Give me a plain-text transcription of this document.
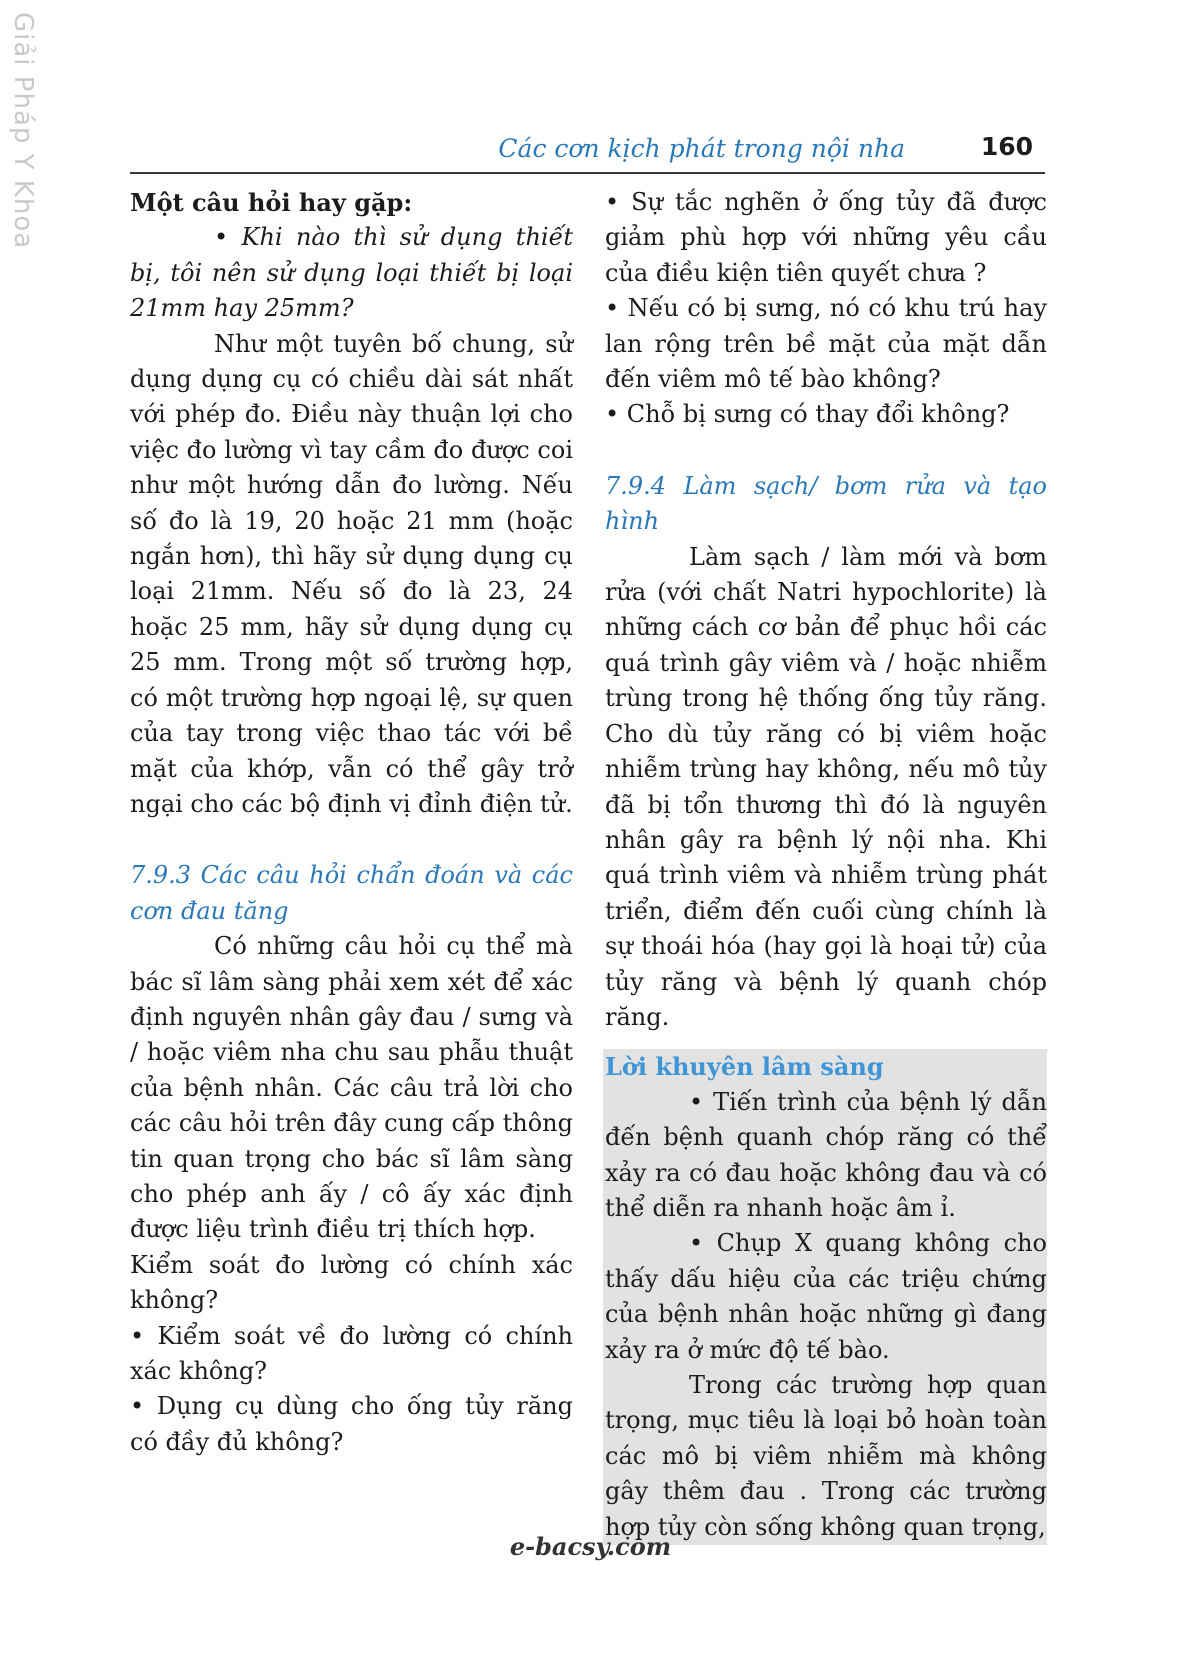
Giải Pháp Y Khoa	Các cơn kịch phát trong nội nha	160

Một câu hỏi hay gặp:

• Khi nào thì sử dụng thiết bị, tôi nên sử dụng loại thiết bị loại 21mm hay 25mm?

Như một tuyên bố chung, sử dụng dụng cụ có chiều dài sát nhất với phép đo. Điều này thuận lợi cho việc đo lường vì tay cầm đo được coi như một hướng dẫn đo lường. Nếu số đo là 19, 20 hoặc 21 mm (hoặc ngắn hơn), thì hãy sử dụng dụng cụ loại 21mm. Nếu số đo là 23, 24 hoặc 25 mm, hãy sử dụng dụng cụ 25 mm. Trong một số trường hợp, có một trường hợp ngoại lệ, sự quen của tay trong việc thao tác với bề mặt của khớp, vẫn có thể gây trở ngại cho các bộ định vị đỉnh điện tử.

7.9.3 Các câu hỏi chẩn đoán và các cơn đau tăng

Có những câu hỏi cụ thể mà bác sĩ lâm sàng phải xem xét để xác định nguyên nhân gây đau / sưng và / hoặc viêm nha chu sau phẫu thuật của bệnh nhân. Các câu trả lời cho các câu hỏi trên đây cung cấp thông tin quan trọng cho bác sĩ lâm sàng cho phép anh ấy / cô ấy xác định được liệu trình điều trị thích hợp.

Kiểm soát đo lường có chính xác không?

• Kiểm soát về đo lường có chính xác không?

• Dụng cụ dùng cho ống tủy răng có đầy đủ không?

• Sự tắc nghẽn ở ống tủy đã được giảm phù hợp với những yêu cầu của điều kiện tiên quyết chưa ?

• Nếu có bị sưng, nó có khu trú hay lan rộng trên bề mặt của mặt dẫn đến viêm mô tế bào không?

• Chỗ bị sưng có thay đổi không?

7.9.4 Làm sạch/ bơm rửa và tạo hình

Làm sạch / làm mới và bơm rửa (với chất Natri hypochlorite) là những cách cơ bản để phục hồi các quá trình gây viêm và / hoặc nhiễm trùng trong hệ thống ống tủy răng. Cho dù tủy răng có bị viêm hoặc nhiễm trùng hay không, nếu mô tủy đã bị tổn thương thì đó là nguyên nhân gây ra bệnh lý nội nha. Khi quá trình viêm và nhiễm trùng phát triển, điểm đến cuối cùng chính là sự thoái hóa (hay gọi là hoại tử) của tủy răng và bệnh lý quanh chóp răng.

Lời khuyên lâm sàng

• Tiến trình của bệnh lý dẫn đến bệnh quanh chóp răng có thể xảy ra có đau hoặc không đau và có thể diễn ra nhanh hoặc âm ỉ.

• Chụp X quang không cho thấy dấu hiệu của các triệu chứng của bệnh nhân hoặc những gì đang xảy ra ở mức độ tế bào.

Trong các trường hợp quan trọng, mục tiêu là loại bỏ hoàn toàn các mô bị viêm nhiễm mà không gây thêm đau . Trong các trường hợp tủy còn sống không quan trọng,

e-bacsy.com
